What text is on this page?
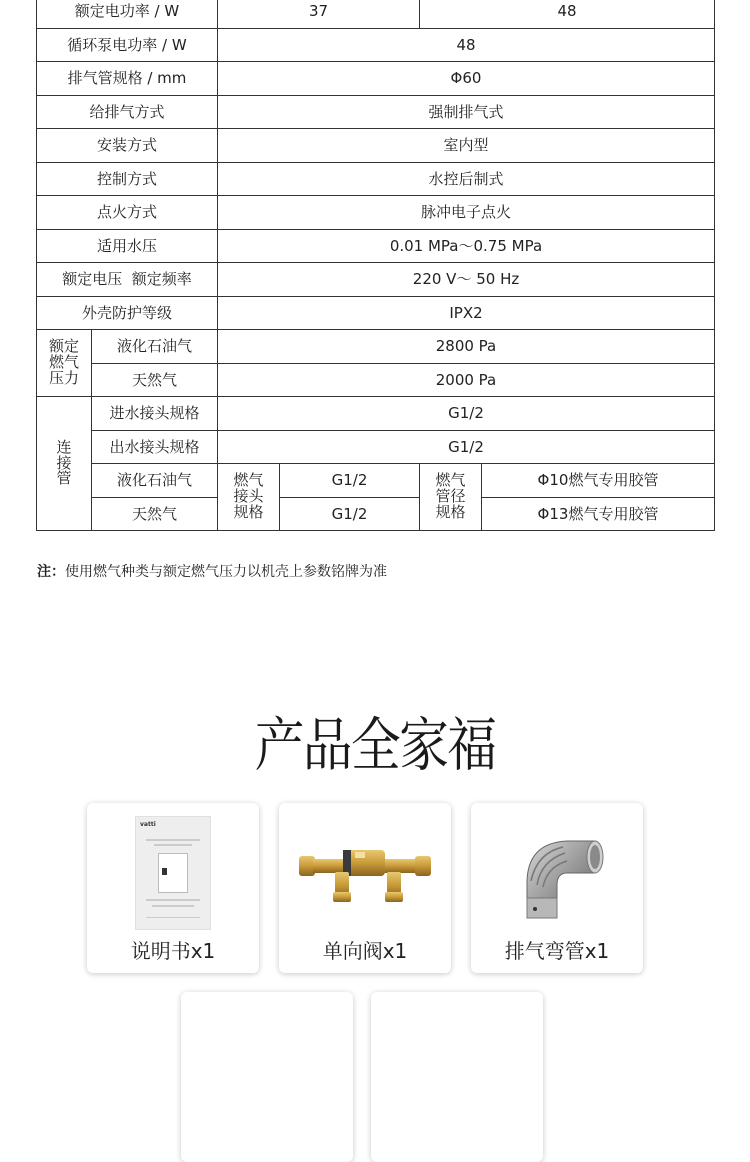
额定电功率 / W		37		48	
循环泵电功率 / W		48			
排气管规格 / mm		Φ60			
给排气方式		强制排气式			
安装方式		室内型			
控制方式		水控后制式			
点火方式		脉冲电子点火			
适用水压		0.01 MPa～0.75 MPa			
额定电压  额定频率		220 V～ 50 Hz			
外壳防护等级		IPX2			
额定燃气压力	液化石油气	2800 Pa			
	天然气	2000 Pa			
连接管	进水接头规格	G1/2			
	出水接头规格	G1/2			
	液化石油气	燃气接头规格	G1/2	燃气管径规格	Φ10燃气专用胶管
	天然气		G1/2		Φ13燃气专用胶管
注：使用燃气种类与额定燃气压力以机壳上参数铭牌为准
产品全家福
vatti
说明书x1	单向阀x1	排气弯管x1
